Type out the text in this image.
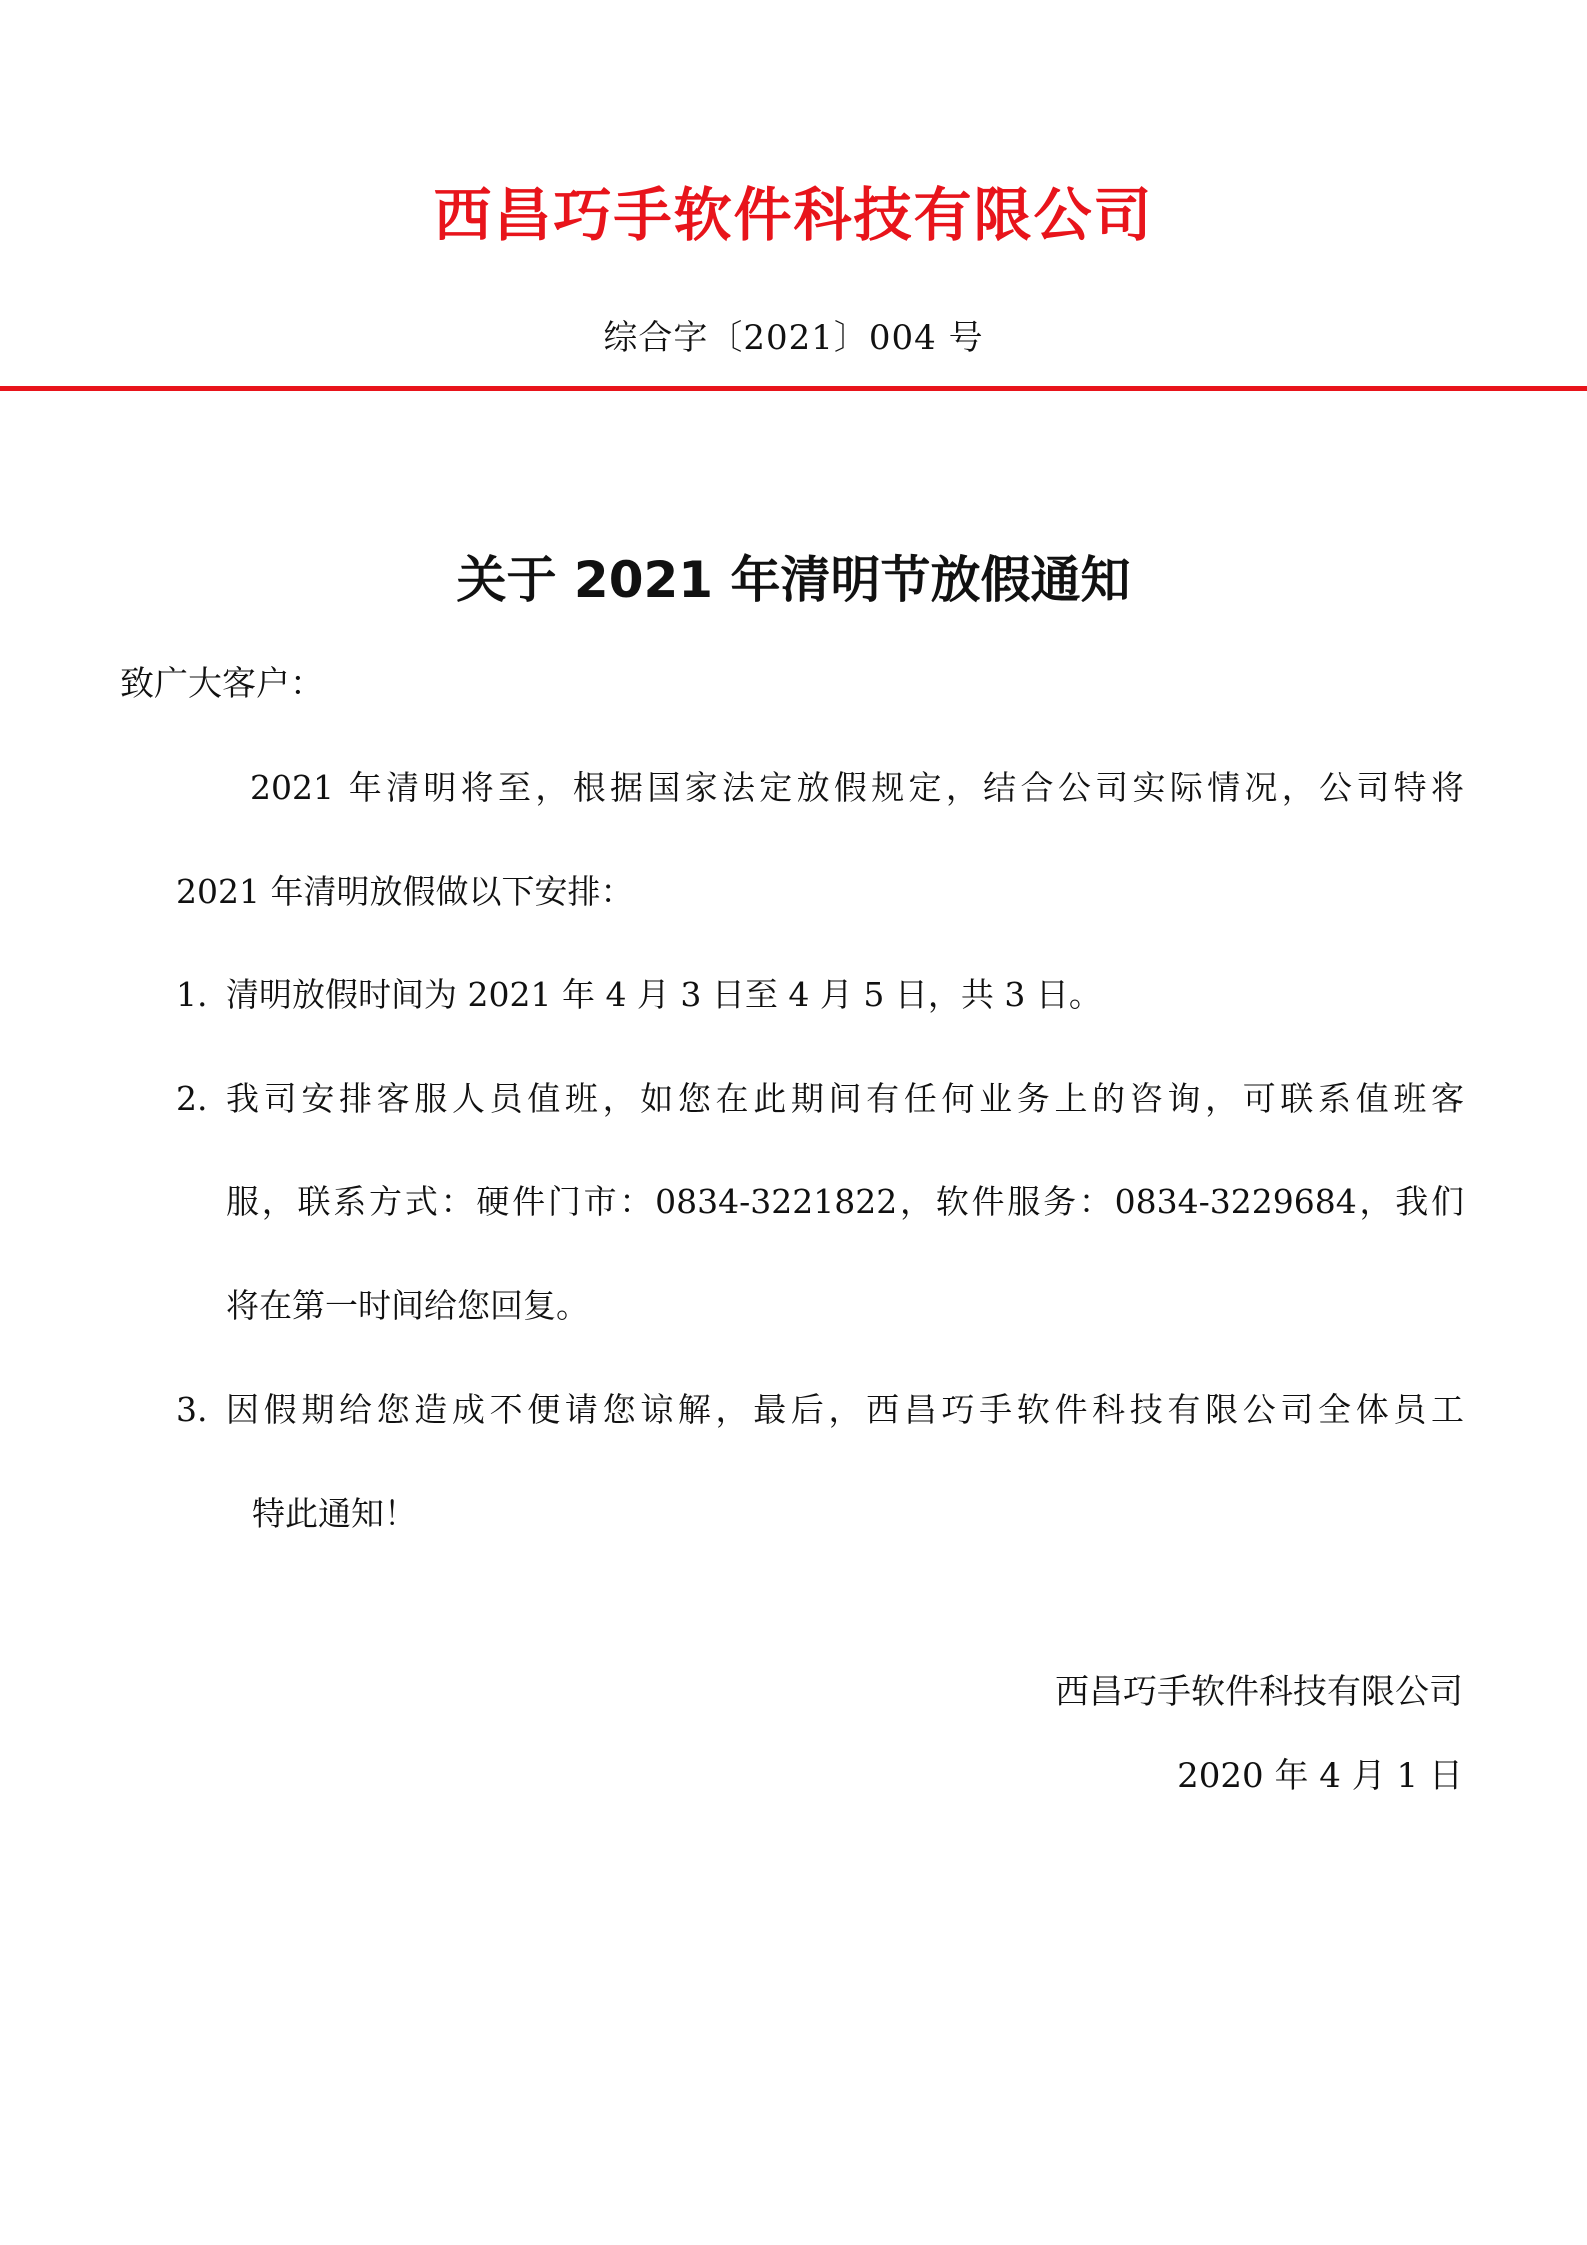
西昌巧手软件科技有限公司
综合字〔2021〕004 号
关于 2021 年清明节放假通知
致广大客户：
2021 年清明将至，根据国家法定放假规定，结合公司实际情况，公司特将
2021 年清明放假做以下安排：
1. 清明放假时间为 2021 年 4 月 3 日至 4 月 5 日，共 3 日。
2. 我司安排客服人员值班，如您在此期间有任何业务上的咨询，可联系值班客
服，联系方式：硬件门市：0834-3221822，软件服务：0834-3229684，我们
将在第一时间给您回复。
3. 因假期给您造成不便请您谅解，最后，西昌巧手软件科技有限公司全体员工
特此通知！
西昌巧手软件科技有限公司
2020 年 4 月 1 日
